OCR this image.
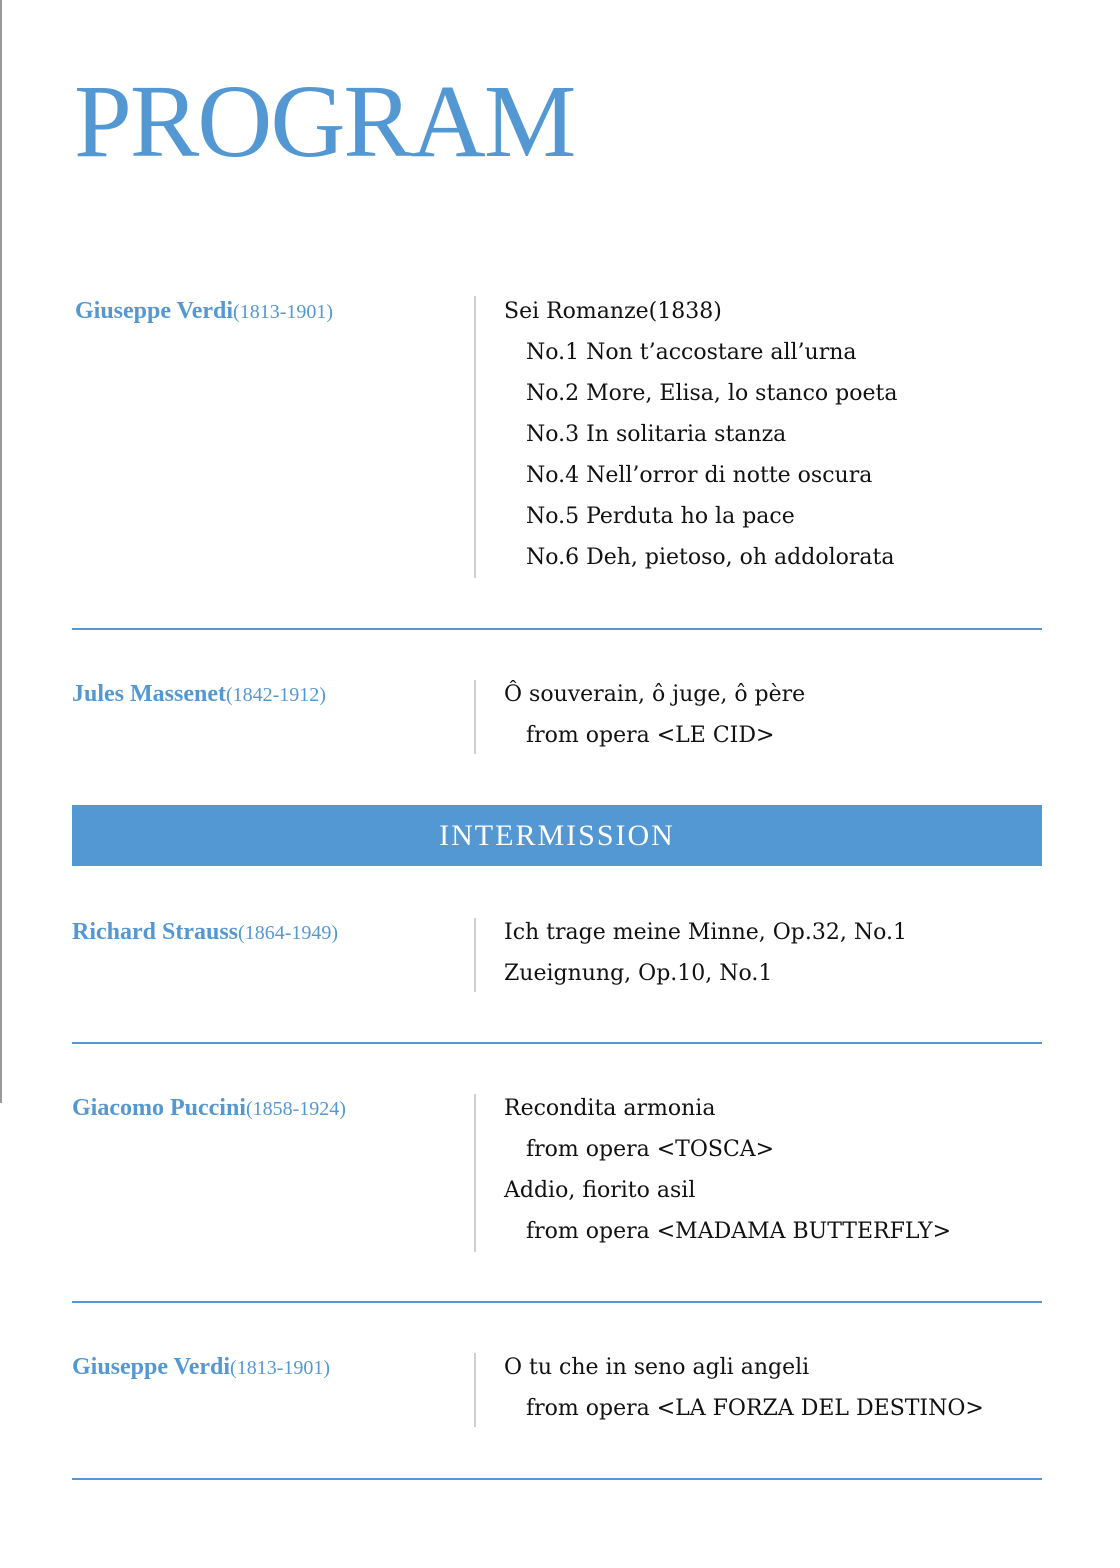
PROGRAM

Giuseppe Verdi(1813-1901)	Sei Romanze(1838)
No.1 Non t’accostare all’urna
No.2 More, Elisa, lo stanco poeta
No.3 In solitaria stanza
No.4 Nell’orror di notte oscura
No.5 Perduta ho la pace
No.6 Deh, pietoso, oh addolorata

Jules Massenet(1842-1912)	Ô souverain, ô juge, ô père
from opera <LE CID>
INTERMISSION

Richard Strauss(1864-1949)	Ich trage meine Minne, Op.32, No.1
Zueignung, Op.10, No.1

Giacomo Puccini(1858-1924)	Recondita armonia
from opera <TOSCA>
Addio, fiorito asil
from opera <MADAMA BUTTERFLY>

Giuseppe Verdi(1813-1901)	O tu che in seno agli angeli
from opera <LA FORZA DEL DESTINO>
